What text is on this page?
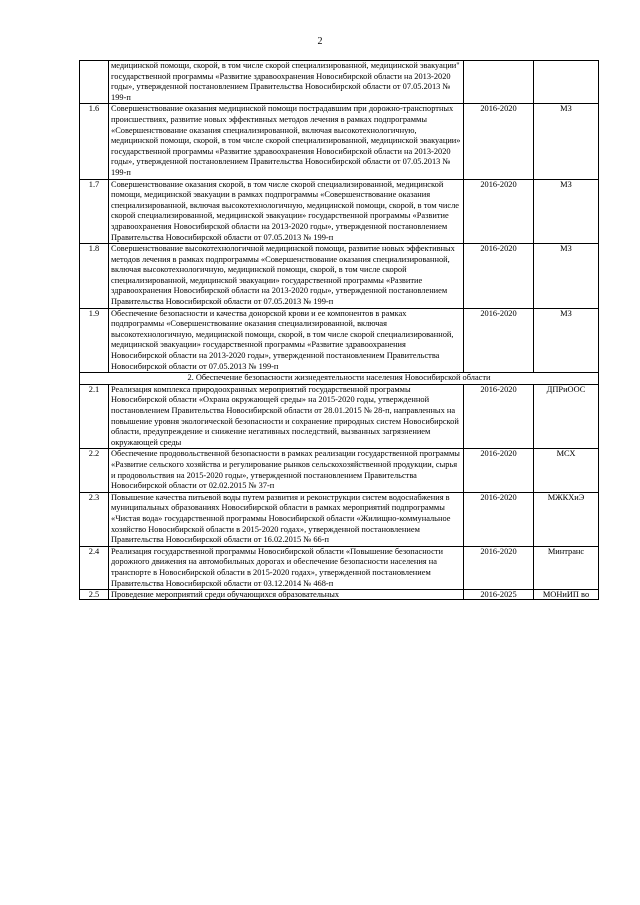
2
	медицинской помощи, скорой, в том числе скорой специализированной, медицинской эвакуации" государственной программы «Развитие здравоохранения Новосибирской области на 2013-2020 годы», утвержденной постановлением Правительства Новосибирской области от 07.05.2013 № 199-п		
1.6	Совершенствование оказания медицинской помощи пострадавшим при дорожно-транспортных происшествиях, развитие новых эффективных методов лечения в рамках подпрограммы «Совершенствование оказания специализированной, включая высокотехнологичную, медицинской помощи, скорой, в том числе скорой специализированной, медицинской эвакуации» государственной программы «Развитие здравоохранения Новосибирской области на 2013-2020 годы», утвержденной постановлением Правительства Новосибирской области от 07.05.2013 № 199-п	2016-2020	МЗ
1.7	Совершенствование оказания скорой, в том числе скорой специализированной, медицинской помощи, медицинской эвакуации в рамках подпрограммы «Совершенствование оказания специализированной, включая высокотехнологичную, медицинской помощи, скорой, в том числе скорой специализированной, медицинской эвакуации» государственной программы «Развитие здравоохранения Новосибирской области на 2013-2020 годы», утвержденной постановлением Правительства Новосибирской области от 07.05.2013 № 199-п	2016-2020	МЗ
1.8	Совершенствование высокотехнологичной медицинской помощи, развитие новых эффективных методов лечения в рамках подпрограммы «Совершенствование оказания специализированной, включая высокотехнологичную, медицинской помощи, скорой, в том числе скорой специализированной, медицинской эвакуации» государственной программы «Развитие здравоохранения Новосибирской области на 2013-2020 годы», утвержденной постановлением Правительства Новосибирской области от 07.05.2013 № 199-п	2016-2020	МЗ
1.9	Обеспечение безопасности и качества донорской крови и ее компонентов в рамках подпрограммы «Совершенствование оказания специализированной, включая высокотехнологичную, медицинской помощи, скорой, в том числе скорой специализированной, медицинской эвакуации» государственной программы «Развитие здравоохранения Новосибирской области на 2013-2020 годы», утвержденной постановлением Правительства Новосибирской области от 07.05.2013 № 199-п	2016-2020	МЗ
2. Обеспечение безопасности жизнедеятельности населения Новосибирской области			
2.1	Реализация комплекса природоохранных мероприятий государственной программы Новосибирской области «Охрана окружающей среды» на 2015-2020 годы, утвержденной постановлением Правительства Новосибирской области от 28.01.2015 № 28-п, направленных на повышение уровня экологической безопасности и сохранение природных систем Новосибирской области, предупреждение и снижение негативных последствий, вызванных загрязнением окружающей среды	2016-2020	ДПРиООС
2.2	Обеспечение продовольственной безопасности в рамках реализации государственной программы «Развитие сельского хозяйства и регулирование рынков сельскохозяйственной продукции, сырья и продовольствия на 2015-2020 годы», утвержденной постановлением Правительства Новосибирской области от 02.02.2015 № 37-п	2016-2020	МСХ
2.3	Повышение качества питьевой воды путем развития и реконструкции систем водоснабжения в муниципальных образованиях Новосибирской области в рамках мероприятий подпрограммы «Чистая вода» государственной программы Новосибирской области «Жилищно-коммунальное хозяйство Новосибирской области в 2015-2020 годах», утвержденной постановлением Правительства Новосибирской области от 16.02.2015 № 66-п	2016-2020	МЖКХиЭ
2.4	Реализация государственной программы Новосибирской области «Повышение безопасности дорожного движения на автомобильных дорогах и обеспечение безопасности населения на транспорте в Новосибирской области в 2015-2020 годах», утвержденной постановлением Правительства Новосибирской области от 03.12.2014 № 468-п	2016-2020	Минтранс

2.5	Проведение мероприятий среди обучающихся образовательных	2016-2025	МОНиИП во
